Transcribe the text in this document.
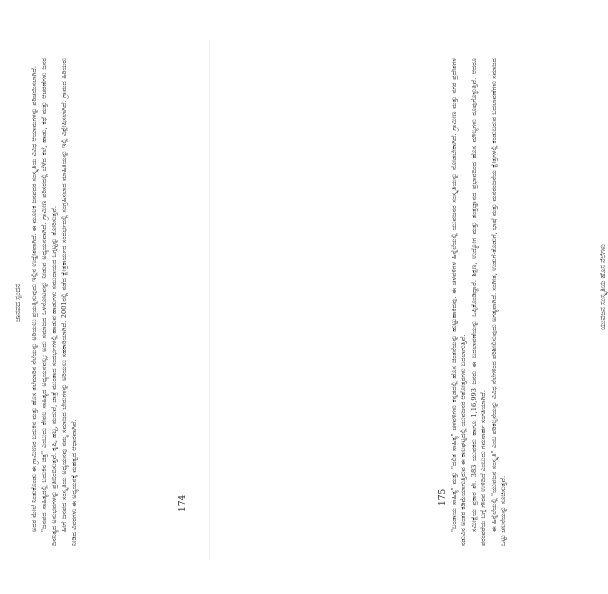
ಜಾನಪದ ಸ್ಪಂದನ ಅದರ ಮೇಲೆ ನಿಂತುಕೊಂಡು ಈ ಗ್ರಾಮೀಣರ ಬದುಕಿನ ಮತ್ತು ಹೊಸ ತಲೆಮಾರಿನ ನೆಲೆಯನ್ನು ಅರಿಯಲು ಪ್ರಯತ್ನಿಸುವುದು ಇಲ್ಲಿನ ಉದ್ದೇಶವಾಗಿದೆ. ಈ ಮೂಲಕ ಜನಪದರ ಸಂಸ್ಕೃತಿಯ ವಿವಿಧ ಆಯಾಮಗಳನ್ನು ಪರಿಚಯಿಸಲಾಗಿದೆ. "ಜನಪದ ಸಾಹಿತ್ಯದಲ್ಲಿ ಬದುಕಿನ ಚಿತ್ರ" ಎಂಬುದು ಕೇವಲ ಸಾಹಿತ್ಯದ ಅಧ್ಯಯನವಲ್ಲ; ಅದು ಸಮಾಜದ ಒಳನೋಟವನ್ನು ನೀಡುವ ಅಧ್ಯಯನವಾಗಿದೆ. ಗ್ರಾಮೀಣ ಪರಿಸರದಲ್ಲಿ ಬೆಳೆದ ಕಲೆ, ಹಾಡು, ಕಥೆ ಮತ್ತು ಆಚರಣೆಗಳು ಜನರ ದಿನನಿತ್ಯದ ಅನುಭವಗಳನ್ನು ಪ್ರತಿಬಿಂಬಿಸುತ್ತವೆ. ಕೃಷಿ, ಹಬ್ಬ, ಮದುವೆ, ಜಾತ್ರೆ ಮುಂತಾದ ಸಂದರ್ಭಗಳಲ್ಲಿ ಹಾಡುವ ಹಾಡುಗಳು ಸಮುದಾಯದ ಒಗ್ಗಟ್ಟನ್ನು ತೋರಿಸುತ್ತವೆ. ಹೀಗೆ ಜನಪದ ಸಂಸ್ಕೃತಿಯ ಅಧ್ಯಯನವು ನಮ್ಮ ಸಮಾಜದ ಬೇರುಗಳನ್ನು ಅರಿಯಲು ಸಹಕಾರಿಯಾಗಿದೆ. 2001ರಲ್ಲಿ ನಡೆದ ಕ್ಷೇತ್ರಕಾರ್ಯದ ಸಂದರ್ಭದಲ್ಲಿ ಸಂಗ್ರಹಿಸಲಾದ ಮಾಹಿತಿಯನ್ನು ಇಲ್ಲಿ ವಿಶ್ಲೇಷಿಸಲಾಗಿದೆ. ಗ್ರಾಮದ ಹಿರಿಯರು ನೀಡಿದ ವಿವರಗಳು ಈ ಅಧ್ಯಯನಕ್ಕೆ ಮಹತ್ವದ ಆಧಾರವಾಗಿವೆ.	174	175 "ಬಂಡಾಯ ಸಾಹಿತ್ಯ" ಮತ್ತು "ದಲಿತ ಸಾಹಿತ್ಯ" ಚಳವಳಿಗಳು ಕನ್ನಡದಲ್ಲಿ ಹೊಸ ಚಿಂತನೆಯನ್ನು ಹುಟ್ಟುಹಾಕಿದವು. ಈ ಚಳವಳಿಗಳ ಹಿನ್ನೆಲೆಯಲ್ಲಿ ಯುವಜನರ ಸಂಸ್ಕೃತಿಯನ್ನು ನೋಡಬೇಕಾಗಿದೆ. ಗ್ರಾಮೀಣ ಮತ್ತು ನಗರ ಪ್ರದೇಶಗಳ ನಡುವಿನ ಅಂತರ ಕಡಿಮೆಯಾಗುತ್ತಿರುವ ಈ ಕಾಲಘಟ್ಟದಲ್ಲಿ ಯುವಜನರ ಆಶೋತ್ತರಗಳು ಬದಲಾಗುತ್ತಿವೆ. ಸಮೀಕ್ಷೆಯ ಪ್ರಕಾರ ಶೇ. 383 ಯುವಕರು ಹಾಗೂ 1,16,993 ಜನರು ಈ ಬದಲಾವಣೆಯನ್ನು ಒಪ್ಪಿಕೊಂಡಿದ್ದಾರೆ. ಶಿಕ್ಷಣ, ಉದ್ಯೋಗ ಮತ್ತು ತಂತ್ರಜ್ಞಾನದ ಪ್ರಭಾವದಿಂದ ಹೊಸ ಮೌಲ್ಯಗಳು ರೂಪುಗೊಳ್ಳುತ್ತಿವೆ. ಆದರೂ ಪರಂಪರೆಯ ಬಗ್ಗೆ ಗೌರವ ಉಳಿದಿದೆ ಎಂಬುದು ಗಮನಾರ್ಹ ಸಂಗತಿಯಾಗಿದೆ. ಈ ಹಿನ್ನೆಲೆಯಲ್ಲಿ "ಯುವಜನ ಸಂಸ್ಕೃತಿ" ಎಂಬ ಪರಿಕಲ್ಪನೆಯನ್ನು ವಿವಿಧ ನೆಲೆಗಳಿಂದ ಪರಿಶೀಲಿಸುವುದು ಅಗತ್ಯವಾಗಿದೆ. ಸಂಗೀತ, ಉಡುಗೆ-ತೊಡುಗೆ, ಭಾಷೆ ಮತ್ತು ಮನರಂಜನೆಯ ಕ್ಷೇತ್ರಗಳಲ್ಲಿ ಕಂಡುಬರುವ ಬದಲಾವಣೆಗಳು ಸಮಾಜದ ಒಟ್ಟು ಚಲನೆಯನ್ನು ಸೂಚಿಸುತ್ತವೆ.

ಯುವಜನ ಸಂಸ್ಕೃತಿಯ ಹೊಸ ನೆಲೆಗಳು
